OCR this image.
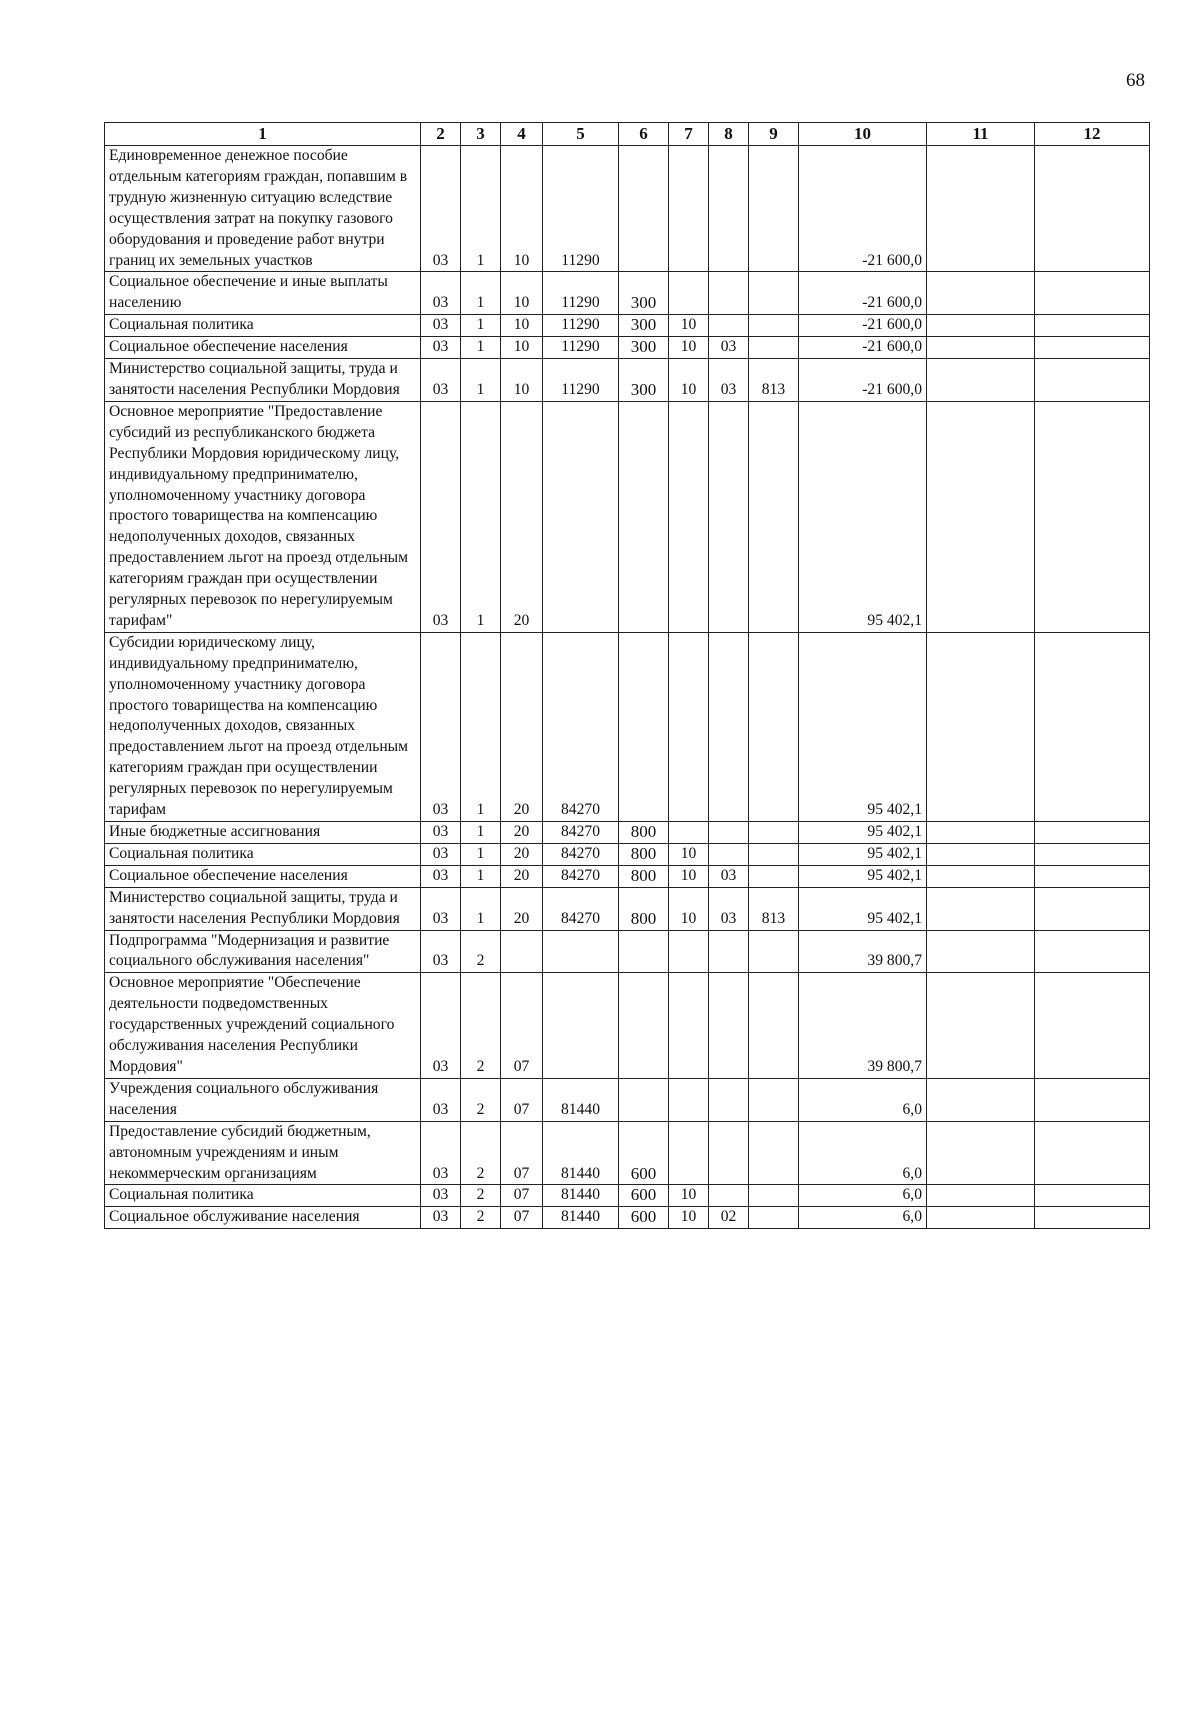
68
1	2	3	4	5	6	7	8	9	10	11	12
Единовременное денежное пособие отдельным категориям граждан, попавшим в трудную жизненную ситуацию вследствие осуществления затрат на покупку газового оборудования и проведение работ внутри границ их земельных участков	03	1	10	11290					-21 600,0		
Социальное обеспечение и иные выплаты населению	03	1	10	11290	300				-21 600,0		
Социальная политика	03	1	10	11290	300	10			-21 600,0		
Социальное обеспечение населения	03	1	10	11290	300	10	03		-21 600,0		
Министерство социальной защиты, труда и занятости населения Республики Мордовия	03	1	10	11290	300	10	03	813	-21 600,0		
Основное мероприятие "Предоставление субсидий из республиканского бюджета Республики Мордовия юридическому лицу, индивидуальному предпринимателю, уполномоченному участнику договора простого товарищества на компенсацию недополученных доходов, связанных предоставлением льгот на проезд отдельным категориям граждан при осуществлении регулярных перевозок по нерегулируемым тарифам"	03	1	20						95 402,1		
Субсидии юридическому лицу, индивидуальному предпринимателю, уполномоченному участнику договора простого товарищества на компенсацию недополученных доходов, связанных предоставлением льгот на проезд отдельным категориям граждан при осуществлении регулярных перевозок по нерегулируемым тарифам	03	1	20	84270					95 402,1		
Иные бюджетные ассигнования	03	1	20	84270	800				95 402,1		
Социальная политика	03	1	20	84270	800	10			95 402,1		
Социальное обеспечение населения	03	1	20	84270	800	10	03		95 402,1		
Министерство социальной защиты, труда и занятости населения Республики Мордовия	03	1	20	84270	800	10	03	813	95 402,1		
Подпрограмма "Модернизация и развитие социального обслуживания населения"	03	2							39 800,7		
Основное мероприятие "Обеспечение деятельности подведомственных государственных учреждений социального обслуживания населения Республики Мордовия"	03	2	07						39 800,7		
Учреждения социального обслуживания населения	03	2	07	81440					6,0		
Предоставление субсидий бюджетным, автономным учреждениям и иным некоммерческим организациям	03	2	07	81440	600				6,0		
Социальная политика	03	2	07	81440	600	10			6,0		
Социальное обслуживание населения	03	2	07	81440	600	10	02		6,0		
